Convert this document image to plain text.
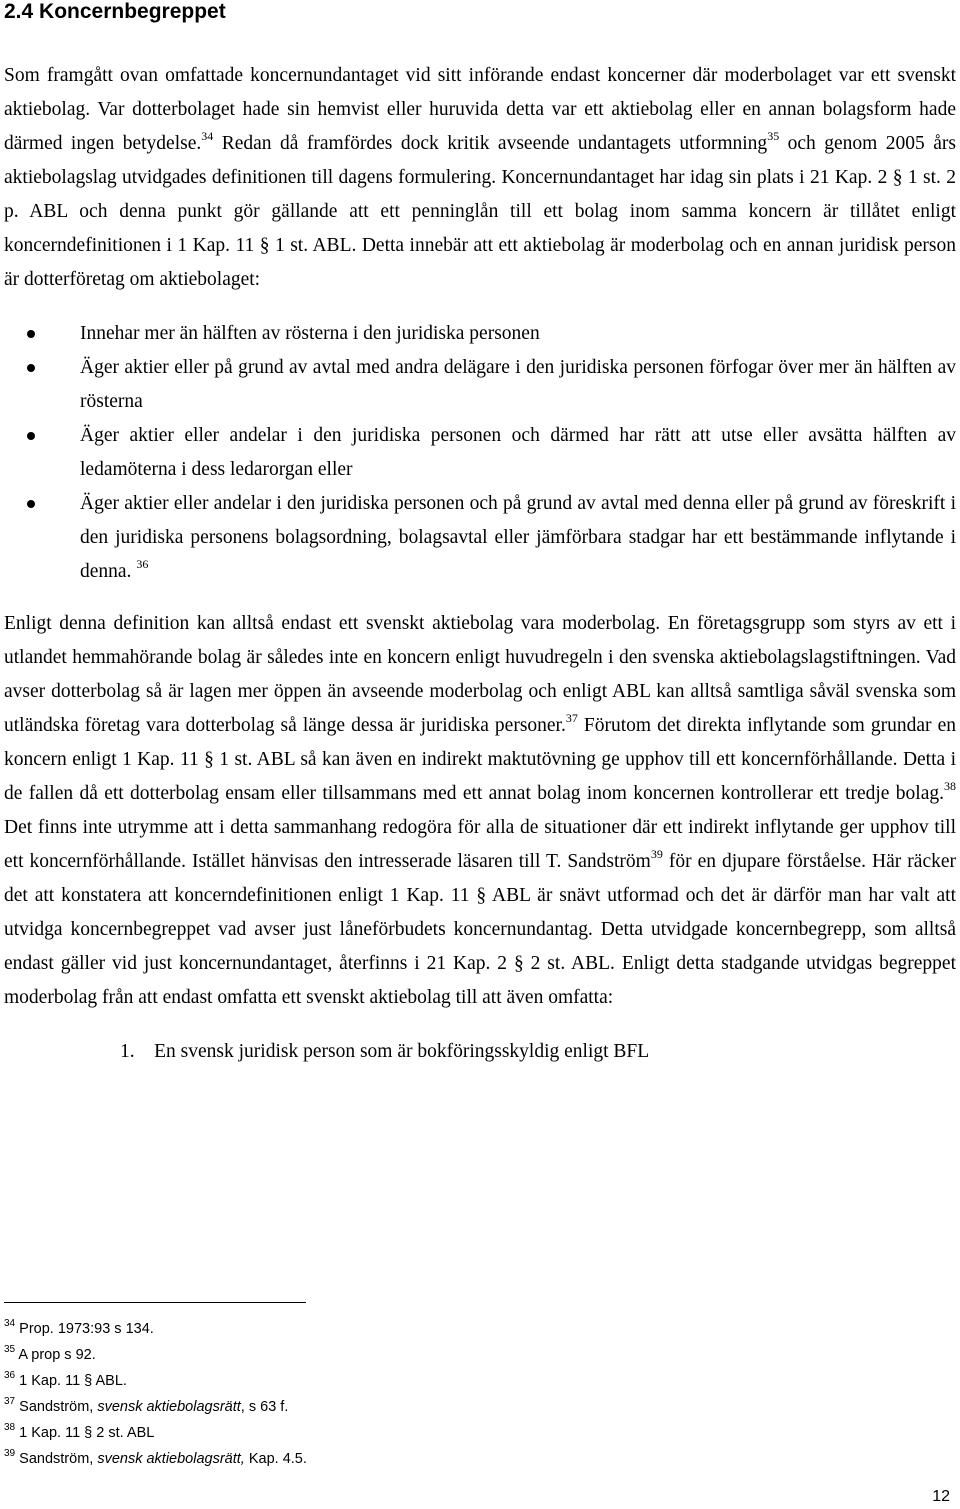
2.4 Koncernbegreppet

Som framgått ovan omfattade koncernundantaget vid sitt införande endast koncerner där moderbolaget var ett svenskt aktiebolag. Var dotterbolaget hade sin hemvist eller huruvida detta var ett aktiebolag eller en annan bolagsform hade därmed ingen betydelse.$^{34}$ Redan då framfördes dock kritik avseende undantagets utformning$^{35}$ och genom 2005 års aktiebolagslag utvidgades definitionen till dagens formulering. Koncernundantaget har idag sin plats i 21 Kap. 2 § 1 st. 2 p. ABL och denna punkt gör gällande att ett penninglån till ett bolag inom samma koncern är tillåtet enligt koncerndefinitionen i 1 Kap. 11 § 1 st. ABL. Detta innebär att ett aktiebolag är moderbolag och en annan juridisk person är dotterföretag om aktiebolaget:

Innehar mer än hälften av rösterna i den juridiska personen
Äger aktier eller på grund av avtal med andra delägare i den juridiska personen förfogar över mer än hälften av rösterna
Äger aktier eller andelar i den juridiska personen och därmed har rätt att utse eller avsätta hälften av ledamöterna i dess ledarorgan eller
Äger aktier eller andelar i den juridiska personen och på grund av avtal med denna eller på grund av föreskrift i den juridiska personens bolagsordning, bolagsavtal eller jämförbara stadgar har ett bestämmande inflytande i denna. $^{36}$

Enligt denna definition kan alltså endast ett svenskt aktiebolag vara moderbolag. En företagsgrupp som styrs av ett i utlandet hemmahörande bolag är således inte en koncern enligt huvudregeln i den svenska aktiebolagslagstiftningen. Vad avser dotterbolag så är lagen mer öppen än avseende moderbolag och enligt ABL kan alltså samtliga såväl svenska som utländska företag vara dotterbolag så länge dessa är juridiska personer.$^{37}$ Förutom det direkta inflytande som grundar en koncern enligt 1 Kap. 11 § 1 st. ABL så kan även en indirekt maktutövning ge upphov till ett koncernförhållande. Detta i de fallen då ett dotterbolag ensam eller tillsammans med ett annat bolag inom koncernen kontrollerar ett tredje bolag.$^{38}$ Det finns inte utrymme att i detta sammanhang redogöra för alla de situationer där ett indirekt inflytande ger upphov till ett koncernförhållande. Istället hänvisas den intresserade läsaren till T. Sandström$^{39}$ för en djupare förståelse. Här räcker det att konstatera att koncerndefinitionen enligt 1 Kap. 11 § ABL är snävt utformad och det är därför man har valt att utvidga koncernbegreppet vad avser just låneförbudets koncernundantag. Detta utvidgade koncernbegrepp, som alltså endast gäller vid just koncernundantaget, återfinns i 21 Kap. 2 § 2 st. ABL. Enligt detta stadgande utvidgas begreppet moderbolag från att endast omfatta ett svenskt aktiebolag till att även omfatta:

1. En svensk juridisk person som är bokföringsskyldig enligt BFL
$^{34}$ Prop. 1973:93 s 134.
$^{35}$ A prop s 92.
$^{36}$ 1 Kap. 11 § ABL.
$^{37}$ Sandström, svensk aktiebolagsrätt, s 63 f.
$^{38}$ 1 Kap. 11 § 2 st. ABL
$^{39}$ Sandström, svensk aktiebolagsrätt, Kap. 4.5.
12
